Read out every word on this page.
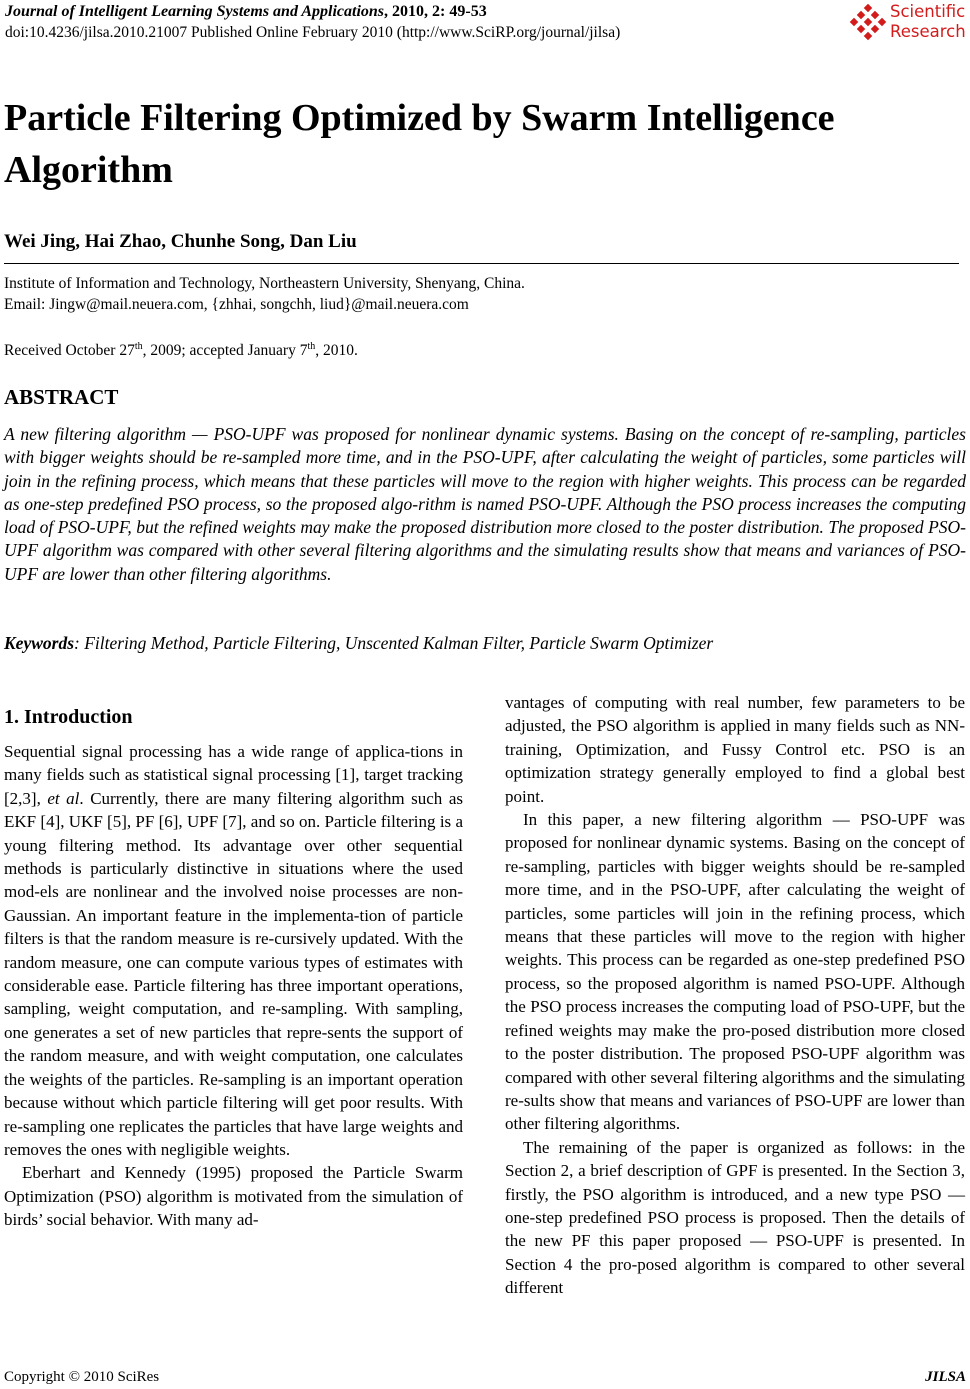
Journal of Intelligent Learning Systems and Applications, 2010, 2: 49-53
doi:10.4236/jilsa.2010.21007 Published Online February 2010 (http://www.SciRP.org/journal/jilsa)
Scientific
Research
Particle Filtering Optimized by Swarm Intelligence Algorithm
Wei Jing, Hai Zhao, Chunhe Song, Dan Liu
Institute of Information and Technology, Northeastern University, Shenyang, China.
Email: Jingw@mail.neuera.com, {zhhai, songchh, liud}@mail.neuera.com
Received October 27th, 2009; accepted January 7th, 2010.
ABSTRACT

A new filtering algorithm — PSO-UPF was proposed for nonlinear dynamic systems. Basing on the concept of re-sampling, particles with bigger weights should be re-sampled more time, and in the PSO-UPF, after calculating the weight of particles, some particles will join in the refining process, which means that these particles will move to the region with higher weights. This process can be regarded as one-step predefined PSO process, so the proposed algo-rithm is named PSO-UPF. Although the PSO process increases the computing load of PSO-UPF, but the refined weights may make the proposed distribution more closed to the poster distribution. The proposed PSO-UPF algorithm was compared with other several filtering algorithms and the simulating results show that means and variances of PSO-UPF are lower than other filtering algorithms.

Keywords: Filtering Method, Particle Filtering, Unscented Kalman Filter, Particle Swarm Optimizer
1. Introduction

Sequential signal processing has a wide range of applica-tions in many fields such as statistical signal processing [1], target tracking [2,3], et al. Currently, there are many filtering algorithm such as EKF [4], UKF [5], PF [6], UPF [7], and so on. Particle filtering is a young filtering method. Its advantage over other sequential methods is particularly distinctive in situations where the used mod-els are nonlinear and the involved noise processes are non-Gaussian. An important feature in the implementa-tion of particle filters is that the random measure is re-cursively updated. With the random measure, one can compute various types of estimates with considerable ease. Particle filtering has three important operations, sampling, weight computation, and re-sampling. With sampling, one generates a set of new particles that repre-sents the support of the random measure, and with weight computation, one calculates the weights of the particles. Re-sampling is an important operation because without which particle filtering will get poor results. With re-sampling one replicates the particles that have large weights and removes the ones with negligible weights.

Eberhart and Kennedy (1995) proposed the Particle Swarm Optimization (PSO) algorithm is motivated from the simulation of birds’ social behavior. With many ad-

vantages of computing with real number, few parameters to be adjusted, the PSO algorithm is applied in many fields such as NN-training, Optimization, and Fussy Control etc. PSO is an optimization strategy generally employed to find a global best point.

In this paper, a new filtering algorithm — PSO-UPF was proposed for nonlinear dynamic systems. Basing on the concept of re-sampling, particles with bigger weights should be re-sampled more time, and in the PSO-UPF, after calculating the weight of particles, some particles will join in the refining process, which means that these particles will move to the region with higher weights. This process can be regarded as one-step predefined PSO process, so the proposed algorithm is named PSO-UPF. Although the PSO process increases the computing load of PSO-UPF, but the refined weights may make the pro-posed distribution more closed to the poster distribution. The proposed PSO-UPF algorithm was compared with other several filtering algorithms and the simulating re-sults show that means and variances of PSO-UPF are lower than other filtering algorithms.

The remaining of the paper is organized as follows: in the Section 2, a brief description of GPF is presented. In the Section 3, firstly, the PSO algorithm is introduced, and a new type PSO — one-step predefined PSO process is proposed. Then the details of the new PF this paper proposed — PSO-UPF is presented. In Section 4 the pro-posed algorithm is compared to other several different

Copyright © 2010 SciRes	JILSA
